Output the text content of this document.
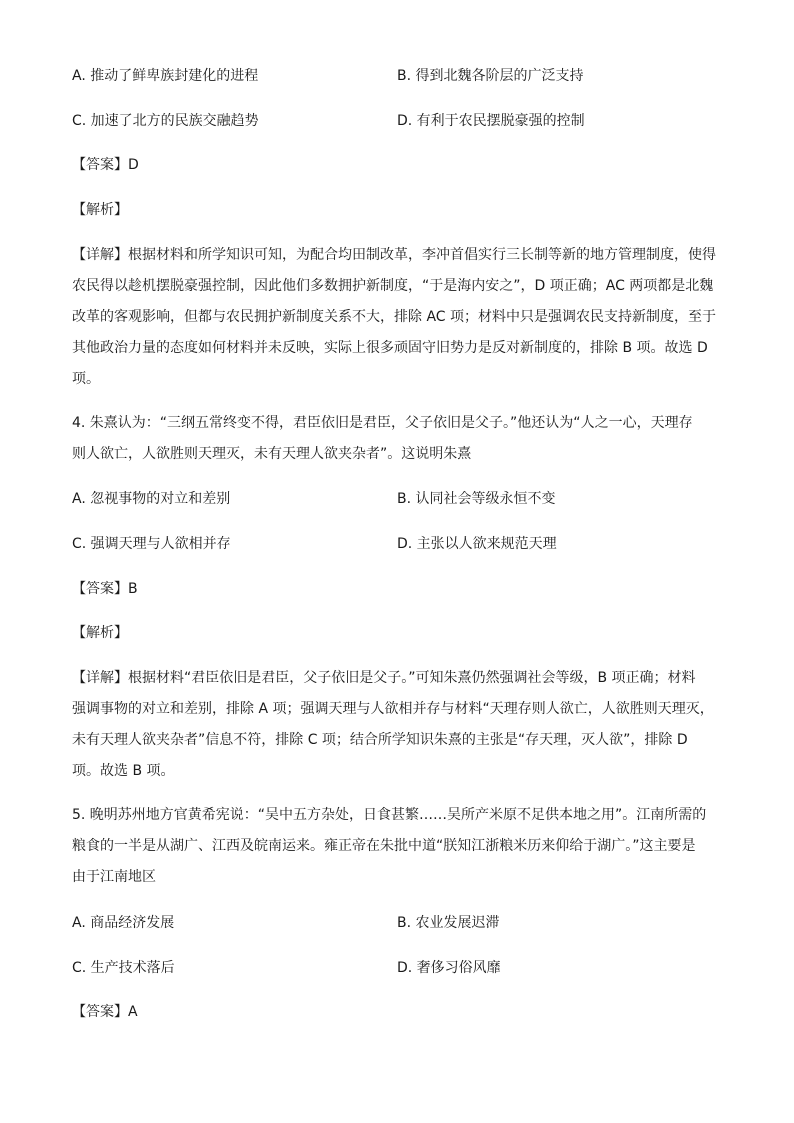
A. 推动了鲜卑族封建化的进程	B. 得到北魏各阶层的广泛支持
C. 加速了北方的民族交融趋势	D. 有利于农民摆脱豪强的控制
【答案】D
【解析】
【详解】根据材料和所学知识可知，为配合均田制改革，李冲首倡实行三长制等新的地方管理制度，使得
农民得以趁机摆脱豪强控制，因此他们多数拥护新制度，“于是海内安之”，D 项正确；AC 两项都是北魏
改革的客观影响，但都与农民拥护新制度关系不大，排除 AC 项；材料中只是强调农民支持新制度，至于
其他政治力量的态度如何材料并未反映，实际上很多顽固守旧势力是反对新制度的，排除 B 项。故选 D
项。
4. 朱熹认为：“三纲五常终变不得，君臣依旧是君臣，父子依旧是父子。”他还认为“人之一心，天理存
则人欲亡，人欲胜则天理灭，未有天理人欲夹杂者”。这说明朱熹
A. 忽视事物的对立和差别	B. 认同社会等级永恒不变
C. 强调天理与人欲相并存	D. 主张以人欲来规范天理
【答案】B
【解析】
【详解】根据材料“君臣依旧是君臣，父子依旧是父子。”可知朱熹仍然强调社会等级，B 项正确；材料
强调事物的对立和差别，排除 A 项；强调天理与人欲相并存与材料“天理存则人欲亡，人欲胜则天理灭，
未有天理人欲夹杂者”信息不符，排除 C 项；结合所学知识朱熹的主张是“存天理，灭人欲”，排除 D
项。故选 B 项。
5. 晚明苏州地方官黄希宪说：“吴中五方杂处，日食甚繁……吴所产米原不足供本地之用”。江南所需的
粮食的一半是从湖广、江西及皖南运来。雍正帝在朱批中道“朕知江浙粮米历来仰给于湖广。”这主要是
由于江南地区
A. 商品经济发展	B. 农业发展迟滞
C. 生产技术落后	D. 奢侈习俗风靡
【答案】A
